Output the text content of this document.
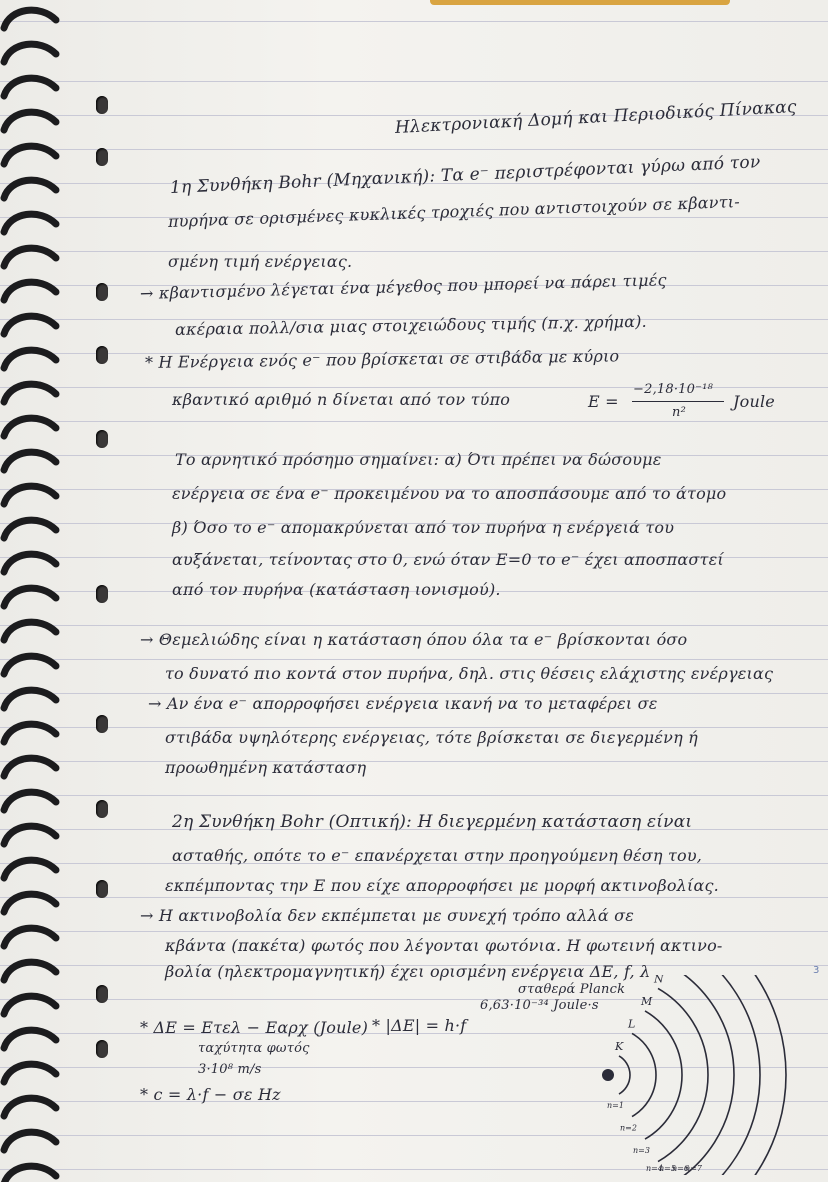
Ηλεκτρονιακή Δομή και Περιοδικός Πίνακας
1η Συνθήκη Bohr (Μηχανική): Τα e⁻ περιστρέφονται γύρω από τον
πυρήνα σε ορισμένες κυκλικές τροχιές που αντιστοιχούν σε κβαντι-
σμένη τιμή ενέργειας.
→ κβαντισμένο λέγεται ένα μέγεθος που μπορεί να πάρει τιμές
ακέραια πολλ/σια μιας στοιχειώδους τιμής (π.χ. χρήμα).
* Η Ενέργεια ενός e⁻ που βρίσκεται σε στιβάδα με κύριο
κβαντικό αριθμό n δίνεται από τον τύπο	E =
−2,18·10⁻¹⁸
n²
Joule
Το αρνητικό πρόσημο σημαίνει: α) Ότι πρέπει να δώσουμε
ενέργεια σε ένα e⁻ προκειμένου να το αποσπάσουμε από το άτομο
β) Όσο το e⁻ απομακρύνεται από τον πυρήνα η ενέργειά του
αυξάνεται, τείνοντας στο 0, ενώ όταν E=0 το e⁻ έχει αποσπαστεί
από τον πυρήνα (κατάσταση ιονισμού).
→ Θεμελιώδης είναι η κατάσταση όπου όλα τα e⁻ βρίσκονται όσο
το δυνατό πιο κοντά στον πυρήνα, δηλ. στις θέσεις ελάχιστης ενέργειας
→ Αν ένα e⁻ απορροφήσει ενέργεια ικανή να το μεταφέρει σε
στιβάδα υψηλότερης ενέργειας, τότε βρίσκεται σε διεγερμένη ή
προωθημένη κατάσταση
2η Συνθήκη Bohr (Οπτική): Η διεγερμένη κατάσταση είναι
ασταθής, οπότε το e⁻ επανέρχεται στην προηγούμενη θέση του,
εκπέμποντας την E που είχε απορροφήσει με μορφή ακτινοβολίας.
→ Η ακτινοβολία δεν εκπέμπεται με συνεχή τρόπο αλλά σε
κβάντα (πακέτα) φωτός που λέγονται φωτόνια. Η φωτεινή ακτινο-
βολία (ηλεκτρομαγνητική) έχει ορισμένη ενέργεια ΔE, f, λ
σταθερά Planck
6,63·10⁻³⁴ Joule·s
* ΔE = Eτελ − Eαρχ (Joule) * |ΔE| = h·f
ταχύτητα φωτός
3·10⁸ m/s
* c = λ·f − σε Hz
K
n=1
L
n=2
M
n=3
N
n=4
n=5
n=6
n=7
3
